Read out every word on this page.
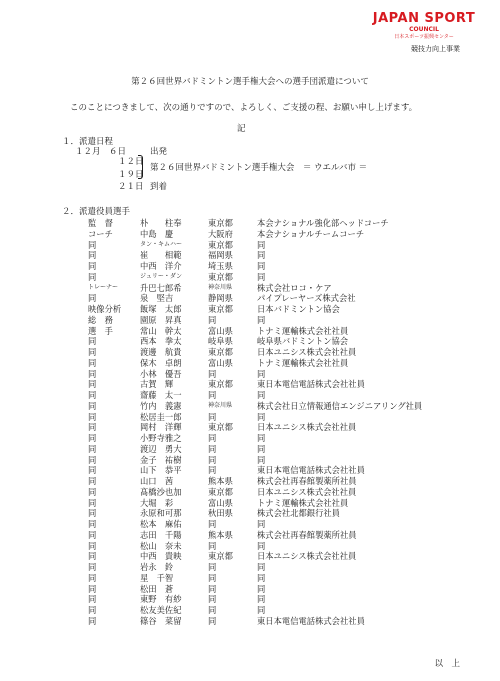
JAPAN SPORT
COUNCIL
日本スポーツ振興センター
競技力向上事業
第２６回世界バドミントン選手権大会への選手団派遣について
このことにつきまして、次の通りですので、よろしく、ご支援の程、お願い申し上げます。
記
１．派遣日程
１２月　６日	出発
１２日
１９日
第２６回世界バドミントン選手権大会　＝ ウエルバ市 ＝
２１日 到着
２．派遣役員選手
監　督	朴　　柱奉	東京都	本会ナショナル強化部ヘッドコーチ
コーチ	中島　慶	大阪府	本会ナショナルチームコーチ
同	タン・キムハー	東京都	同
同	崔　　相範	福岡県	同
同	中西　洋介	埼玉県	同
同	ジュリー・ダン	東京都	同
トレーナー	升巴七郎希	神奈川県	株式会社ロコ・ケア
同	泉　堅吉	静岡県	パイプレーヤーズ株式会社
映像分析 飯塚　太郎	東京都	日本バドミントン協会
総　務	園原　昇真	同	同
選　手	常山　幹太	富山県	トナミ運輸株式会社社員
同	西本　拳太	岐阜県	岐阜県バドミントン協会
同	渡邊　航貴	東京都	日本ユニシス株式会社社員
同	保木　卓朗	富山県	トナミ運輸株式会社社員
同	小林　優吾	同	同
同	古賀　輝	東京都	東日本電信電話株式会社社員
同	齋藤　太一	同	同
同	竹内　義憲	神奈川県	株式会社日立情報通信エンジニアリング社員
同	松居圭一郎	同	同
同	岡村　洋輝	東京都	日本ユニシス株式会社社員
同	小野寺雅之	同	同
同	渡辺　勇大	同	同
同	金子　祐樹	同	同
同	山下　恭平	同	東日本電信電話株式会社社員
同	山口　茜	熊本県	株式会社再春館製薬所社員
同	髙橋沙也加	東京都	日本ユニシス株式会社社員
同	大堀　彩	富山県	トナミ運輸株式会社社員
同	永原和可那	秋田県	株式会社北都銀行社員
同	松本　麻佑	同	同
同	志田　千陽	熊本県	株式会社再春館製薬所社員
同	松山　奈未	同	同
同	中西　貴映	東京都	日本ユニシス株式会社社員
同	岩永　鈴	同	同
同	星　千智	同	同
同	松田　蒼	同	同
同	東野　有紗	同	同
同	松友美佐紀	同	同
同	篠谷　菜留	同	東日本電信電話株式会社社員
以　上
